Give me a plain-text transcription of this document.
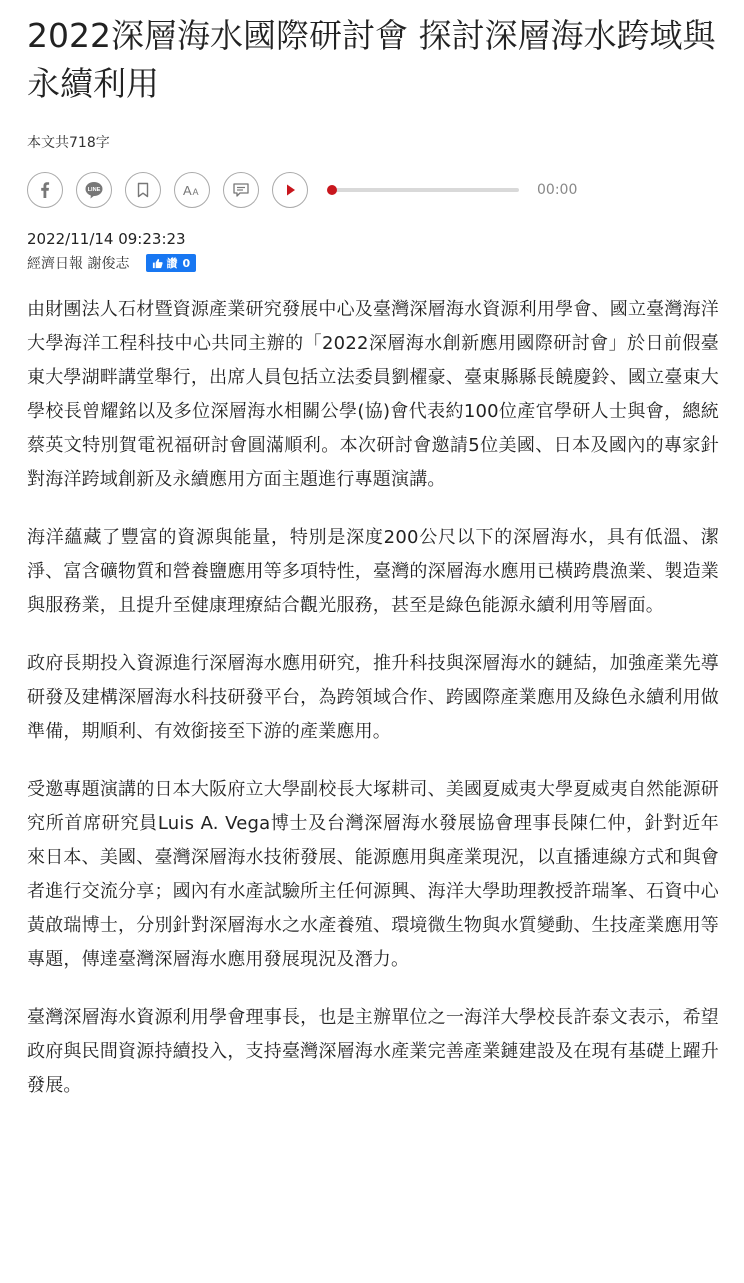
2022深層海水國際研討會 探討深層海水跨域與永續利用
本文共718字
LINE	A A	00:00
2022/11/14 09:23:23
經濟日報 謝俊志	讚 0

由財團法人石材暨資源產業研究發展中心及臺灣深層海水資源利用學會、國立臺灣海洋大學海洋工程科技中心共同主辦的「2022深層海水創新應用國際研討會」於日前假臺東大學湖畔講堂舉行，出席人員包括立法委員劉櫂豪、臺東縣縣長饒慶鈴、國立臺東大學校長曾耀銘以及多位深層海水相關公學(協)會代表約100位產官學研人士與會，總統蔡英文特別賀電祝福研討會圓滿順利。本次研討會邀請5位美國、日本及國內的專家針對海洋跨域創新及永續應用方面主題進行專題演講。

海洋蘊藏了豐富的資源與能量，特別是深度200公尺以下的深層海水，具有低溫、潔淨、富含礦物質和營養鹽應用等多項特性，臺灣的深層海水應用已橫跨農漁業、製造業與服務業，且提升至健康理療結合觀光服務，甚至是綠色能源永續利用等層面。

政府長期投入資源進行深層海水應用研究，推升科技與深層海水的鏈結，加強產業先導研發及建構深層海水科技研發平台，為跨領域合作、跨國際產業應用及綠色永續利用做準備，期順利、有效銜接至下游的產業應用。

受邀專題演講的日本大阪府立大學副校長大塚耕司、美國夏威夷大學夏威夷自然能源研究所首席研究員Luis A. Vega博士及台灣深層海水發展協會理事長陳仁仲，針對近年來日本、美國、臺灣深層海水技術發展、能源應用與產業現況，以直播連線方式和與會者進行交流分享；國內有水產試驗所主任何源興、海洋大學助理教授許瑞峯、石資中心黃啟瑞博士，分別針對深層海水之水產養殖、環境微生物與水質變動、生技產業應用等專題，傳達臺灣深層海水應用發展現況及潛力。

臺灣深層海水資源利用學會理事長，也是主辦單位之一海洋大學校長許泰文表示，希望政府與民間資源持續投入，支持臺灣深層海水產業完善產業鏈建設及在現有基礎上躍升發展。
